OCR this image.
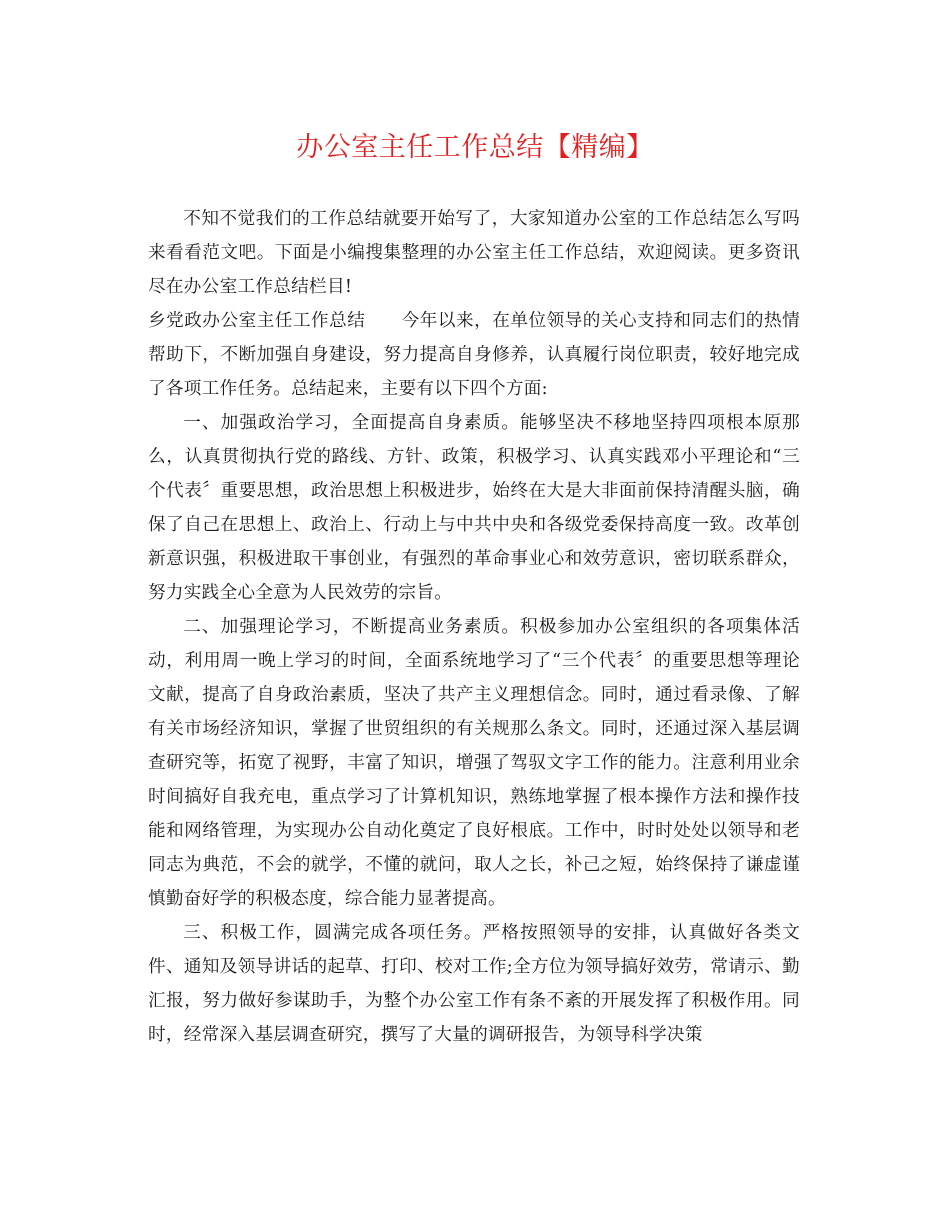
办公室主任工作总结【精编】

不知不觉我们的工作总结就要开始写了，大家知道办公室的工作总结怎么写吗来看看范文吧。下面是小编搜集整理的办公室主任工作总结，欢迎阅读。更多资讯尽在办公室工作总结栏目!

乡党政办公室主任工作总结 今年以来，在单位领导的关心支持和同志们的热情帮助下，不断加强自身建设，努力提高自身修养，认真履行岗位职责，较好地完成了各项工作任务。总结起来，主要有以下四个方面:

一、加强政治学习，全面提高自身素质。能够坚决不移地坚持四项根本原那么，认真贯彻执行党的路线、方针、政策，积极学习、认真实践邓小平理论和“三个代表〞重要思想，政治思想上积极进步，始终在大是大非面前保持清醒头脑，确保了自己在思想上、政治上、行动上与中共中央和各级党委保持高度一致。改革创新意识强，积极进取干事创业，有强烈的革命事业心和效劳意识，密切联系群众，努力实践全心全意为人民效劳的宗旨。

二、加强理论学习，不断提高业务素质。积极参加办公室组织的各项集体活动，利用周一晚上学习的时间，全面系统地学习了“三个代表〞的重要思想等理论文献，提高了自身政治素质，坚决了共产主义理想信念。同时，通过看录像、了解有关市场经济知识，掌握了世贸组织的有关规那么条文。同时，还通过深入基层调查研究等，拓宽了视野，丰富了知识，增强了驾驭文字工作的能力。注意利用业余时间搞好自我充电，重点学习了计算机知识，熟练地掌握了根本操作方法和操作技能和网络管理，为实现办公自动化奠定了良好根底。工作中，时时处处以领导和老同志为典范，不会的就学，不懂的就问，取人之长，补己之短，始终保持了谦虚谨慎勤奋好学的积极态度，综合能力显著提高。

三、积极工作，圆满完成各项任务。严格按照领导的安排，认真做好各类文件、通知及领导讲话的起草、打印、校对工作;全方位为领导搞好效劳，常请示、勤汇报，努力做好参谋助手，为整个办公室工作有条不紊的开展发挥了积极作用。同时，经常深入基层调查研究，撰写了大量的调研报告，为领导科学决策
